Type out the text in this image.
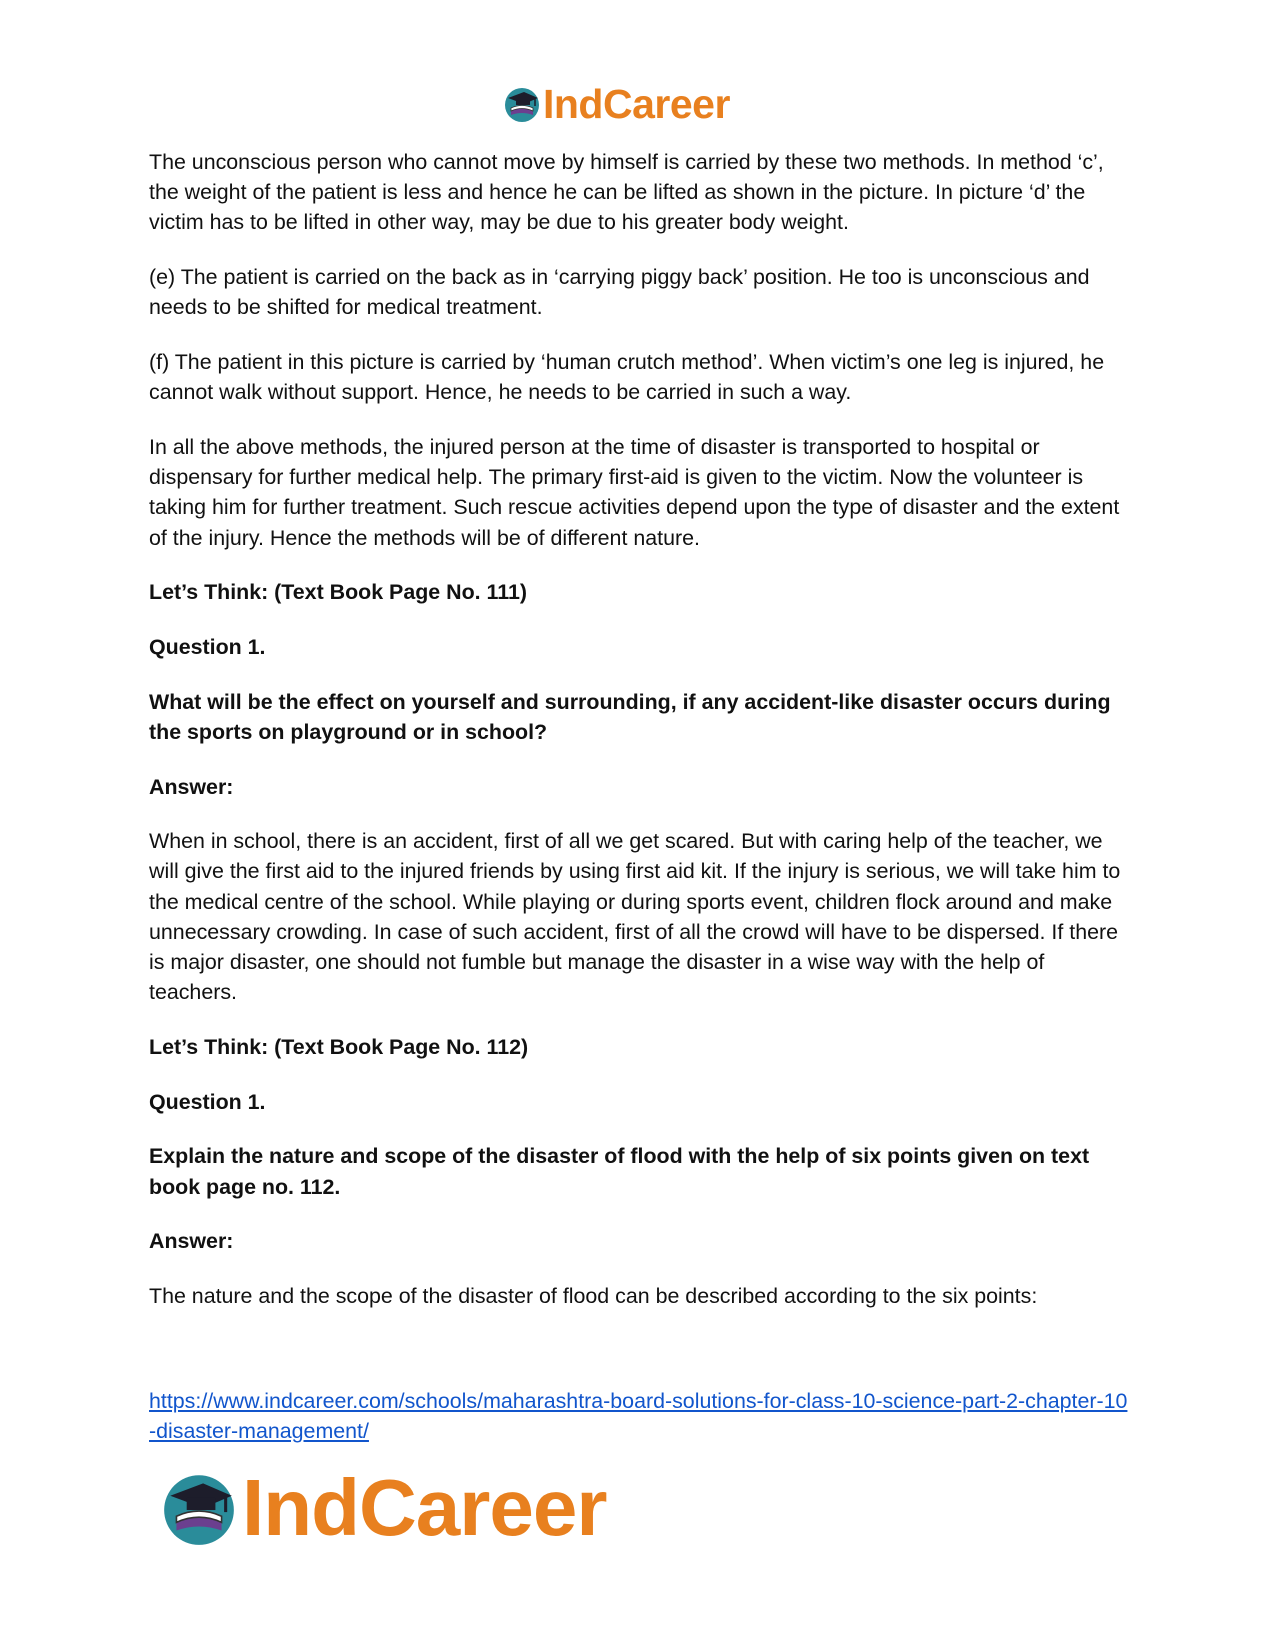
IndCareer

The unconscious person who cannot move by himself is carried by these two methods. In method ‘c’, the weight of the patient is less and hence he can be lifted as shown in the picture. In picture ‘d’ the victim has to be lifted in other way, may be due to his greater body weight.

(e) The patient is carried on the back as in ‘carrying piggy back’ position. He too is unconscious and needs to be shifted for medical treatment.

(f) The patient in this picture is carried by ‘human crutch method’. When victim’s one leg is injured, he cannot walk without support. Hence, he needs to be carried in such a way.

In all the above methods, the injured person at the time of disaster is transported to hospital or dispensary for further medical help. The primary first-aid is given to the victim. Now the volunteer is taking him for further treatment. Such rescue activities depend upon the type of disaster and the extent of the injury. Hence the methods will be of different nature.

Let’s Think: (Text Book Page No. 111)

Question 1.

What will be the effect on yourself and surrounding, if any accident-like disaster occurs during the sports on playground or in school?

Answer:

When in school, there is an accident, first of all we get scared. But with caring help of the teacher, we will give the first aid to the injured friends by using first aid kit. If the injury is serious, we will take him to the medical centre of the school. While playing or during sports event, children flock around and make unnecessary crowding. In case of such accident, first of all the crowd will have to be dispersed. If there is major disaster, one should not fumble but manage the disaster in a wise way with the help of teachers.

Let’s Think: (Text Book Page No. 112)

Question 1.

Explain the nature and scope of the disaster of flood with the help of six points given on text book page no. 112.

Answer:

The nature and the scope of the disaster of flood can be described according to the six points:

https://www.indcareer.com/schools/maharashtra-board-solutions-for-class-10-science-part-2-chapter-10-disaster-management/
IndCareer
